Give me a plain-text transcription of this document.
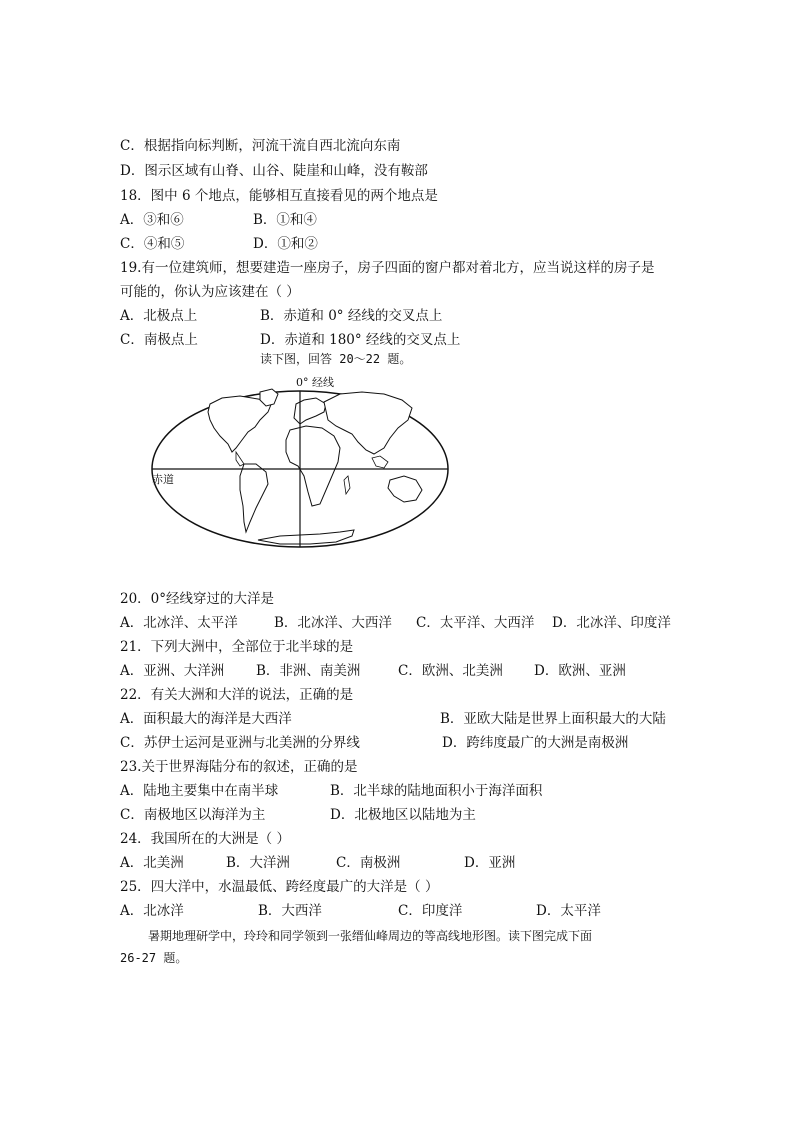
C．根据指向标判断，河流干流自西北流向东南
D．图示区域有山脊、山谷、陡崖和山峰，没有鞍部
18．图中 6 个地点，能够相互直接看见的两个地点是
A．③和⑥	B．①和④
C．④和⑤	D．①和②
19.有一位建筑师，想要建造一座房子，房子四面的窗户都对着北方，应当说这样的房子是
可能的，你认为应该建在（ ）
A．北极点上	B．赤道和 0° 经线的交叉点上
C．南极点上	D．赤道和 180° 经线的交叉点上
读下图，回答 20～22 题。
0° 经线
赤道
20．0°经线穿过的大洋是
A．北冰洋、太平洋	B．北冰洋、大西洋 C．太平洋、大西洋 D．北冰洋、印度洋
21．下列大洲中，全部位于北半球的是
A．亚洲、大洋洲 B．非洲、南美洲	C．欧洲、北美洲 D．欧洲、亚洲
22．有关大洲和大洋的说法，正确的是
A．面积最大的海洋是大西洋	B．亚欧大陆是世界上面积最大的大陆
C．苏伊士运河是亚洲与北美洲的分界线	D．跨纬度最广的大洲是南极洲
23.关于世界海陆分布的叙述，正确的是
A．陆地主要集中在南半球	B．北半球的陆地面积小于海洋面积
C．南极地区以海洋为主	D．北极地区以陆地为主
24．我国所在的大洲是（ ）
A．北美洲	B．大洋洲	C．南极洲	D．亚洲
25．四大洋中，水温最低、跨经度最广的大洋是（ ）
A．北冰洋	B．大西洋	C．印度洋	D．太平洋
暑期地理研学中，玲玲和同学领到一张缙仙峰周边的等高线地形图。读下图完成下面
26-27 题。
